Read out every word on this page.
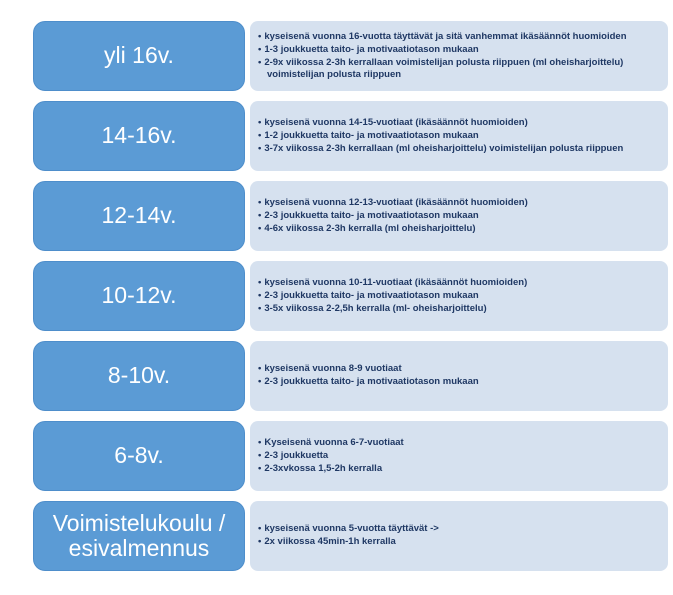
yli 16v.
• kyseisenä vuonna 16-vuotta täyttävät ja sitä vanhemmat ikäsäännöt huomioiden
• 1-3 joukkuetta taito- ja motivaatiotason mukaan
• 2-9x viikossa 2-3h kerrallaan voimistelijan polusta riippuen (ml oheisharjoittelu) voimistelijan polusta riippuen
14-16v.
• kyseisenä vuonna 14-15-vuotiaat (ikäsäännöt huomioiden)
• 1-2 joukkuetta taito- ja motivaatiotason mukaan
• 3-7x viikossa 2-3h kerrallaan (ml oheisharjoittelu) voimistelijan polusta riippuen
12-14v.
• kyseisenä vuonna 12-13-vuotiaat (ikäsäännöt huomioiden)
• 2-3 joukkuetta taito- ja motivaatiotason mukaan
• 4-6x viikossa 2-3h kerralla (ml oheisharjoittelu)
10-12v.
• kyseisenä vuonna 10-11-vuotiaat (ikäsäännöt huomioiden)
• 2-3 joukkuetta taito- ja motivaatiotason mukaan
• 3-5x viikossa 2-2,5h kerralla (ml- oheisharjoittelu)
8-10v.	• kyseisenä vuonna 8-9 vuotiaat
• 2-3 joukkuetta taito- ja motivaatiotason mukaan
6-8v.
• Kyseisenä vuonna 6-7-vuotiaat
• 2-3 joukkuetta
• 2-3xvkossa 1,5-2h kerralla
Voimistelukoulu / esivalmennus
• kyseisenä vuonna 5-vuotta täyttävät ->
• 2x viikossa 45min-1h kerralla
